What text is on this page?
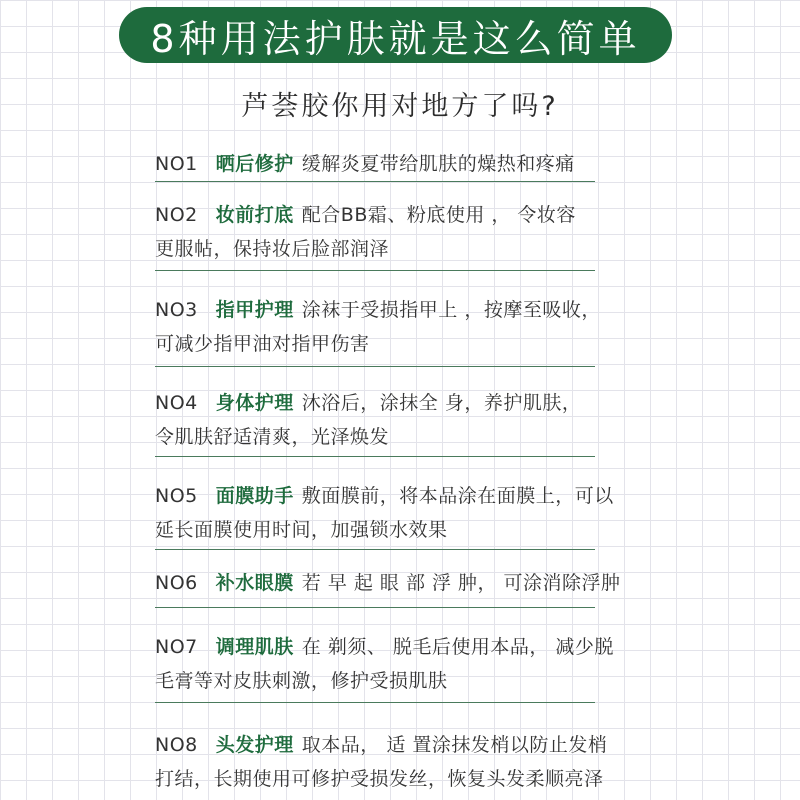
8种用法护肤就是这么简单
芦荟胶你用对地方了吗?
NO1 晒后修护 缓解炎夏带给肌肤的燥热和疼痛
NO2 妆前打底 配合BB霜、粉底使用 ， 令妆容
更服帖，保持妆后脸部润泽
NO3 指甲护理 涂袜于受损指甲上 ，按摩至吸收，
可减少指甲油对指甲伤害
NO4 身体护理 沐浴后，涂抹全 身，养护肌肤，
令肌肤舒适清爽，光泽焕发
NO5 面膜助手 敷面膜前，将本品涂在面膜上，可以
延长面膜使用时间，加强锁水效果
NO6 补水眼膜 若 早 起 眼 部 浮 肿， 可涂消除浮肿
NO7 调理肌肤 在 剃须、 脱毛后使用本品， 减少脱
毛膏等对皮肤刺激，修护受损肌肤
NO8 头发护理 取本品， 适 置涂抹发梢以防止发梢
打结，长期使用可修护受损发丝，恢复头发柔顺亮泽
